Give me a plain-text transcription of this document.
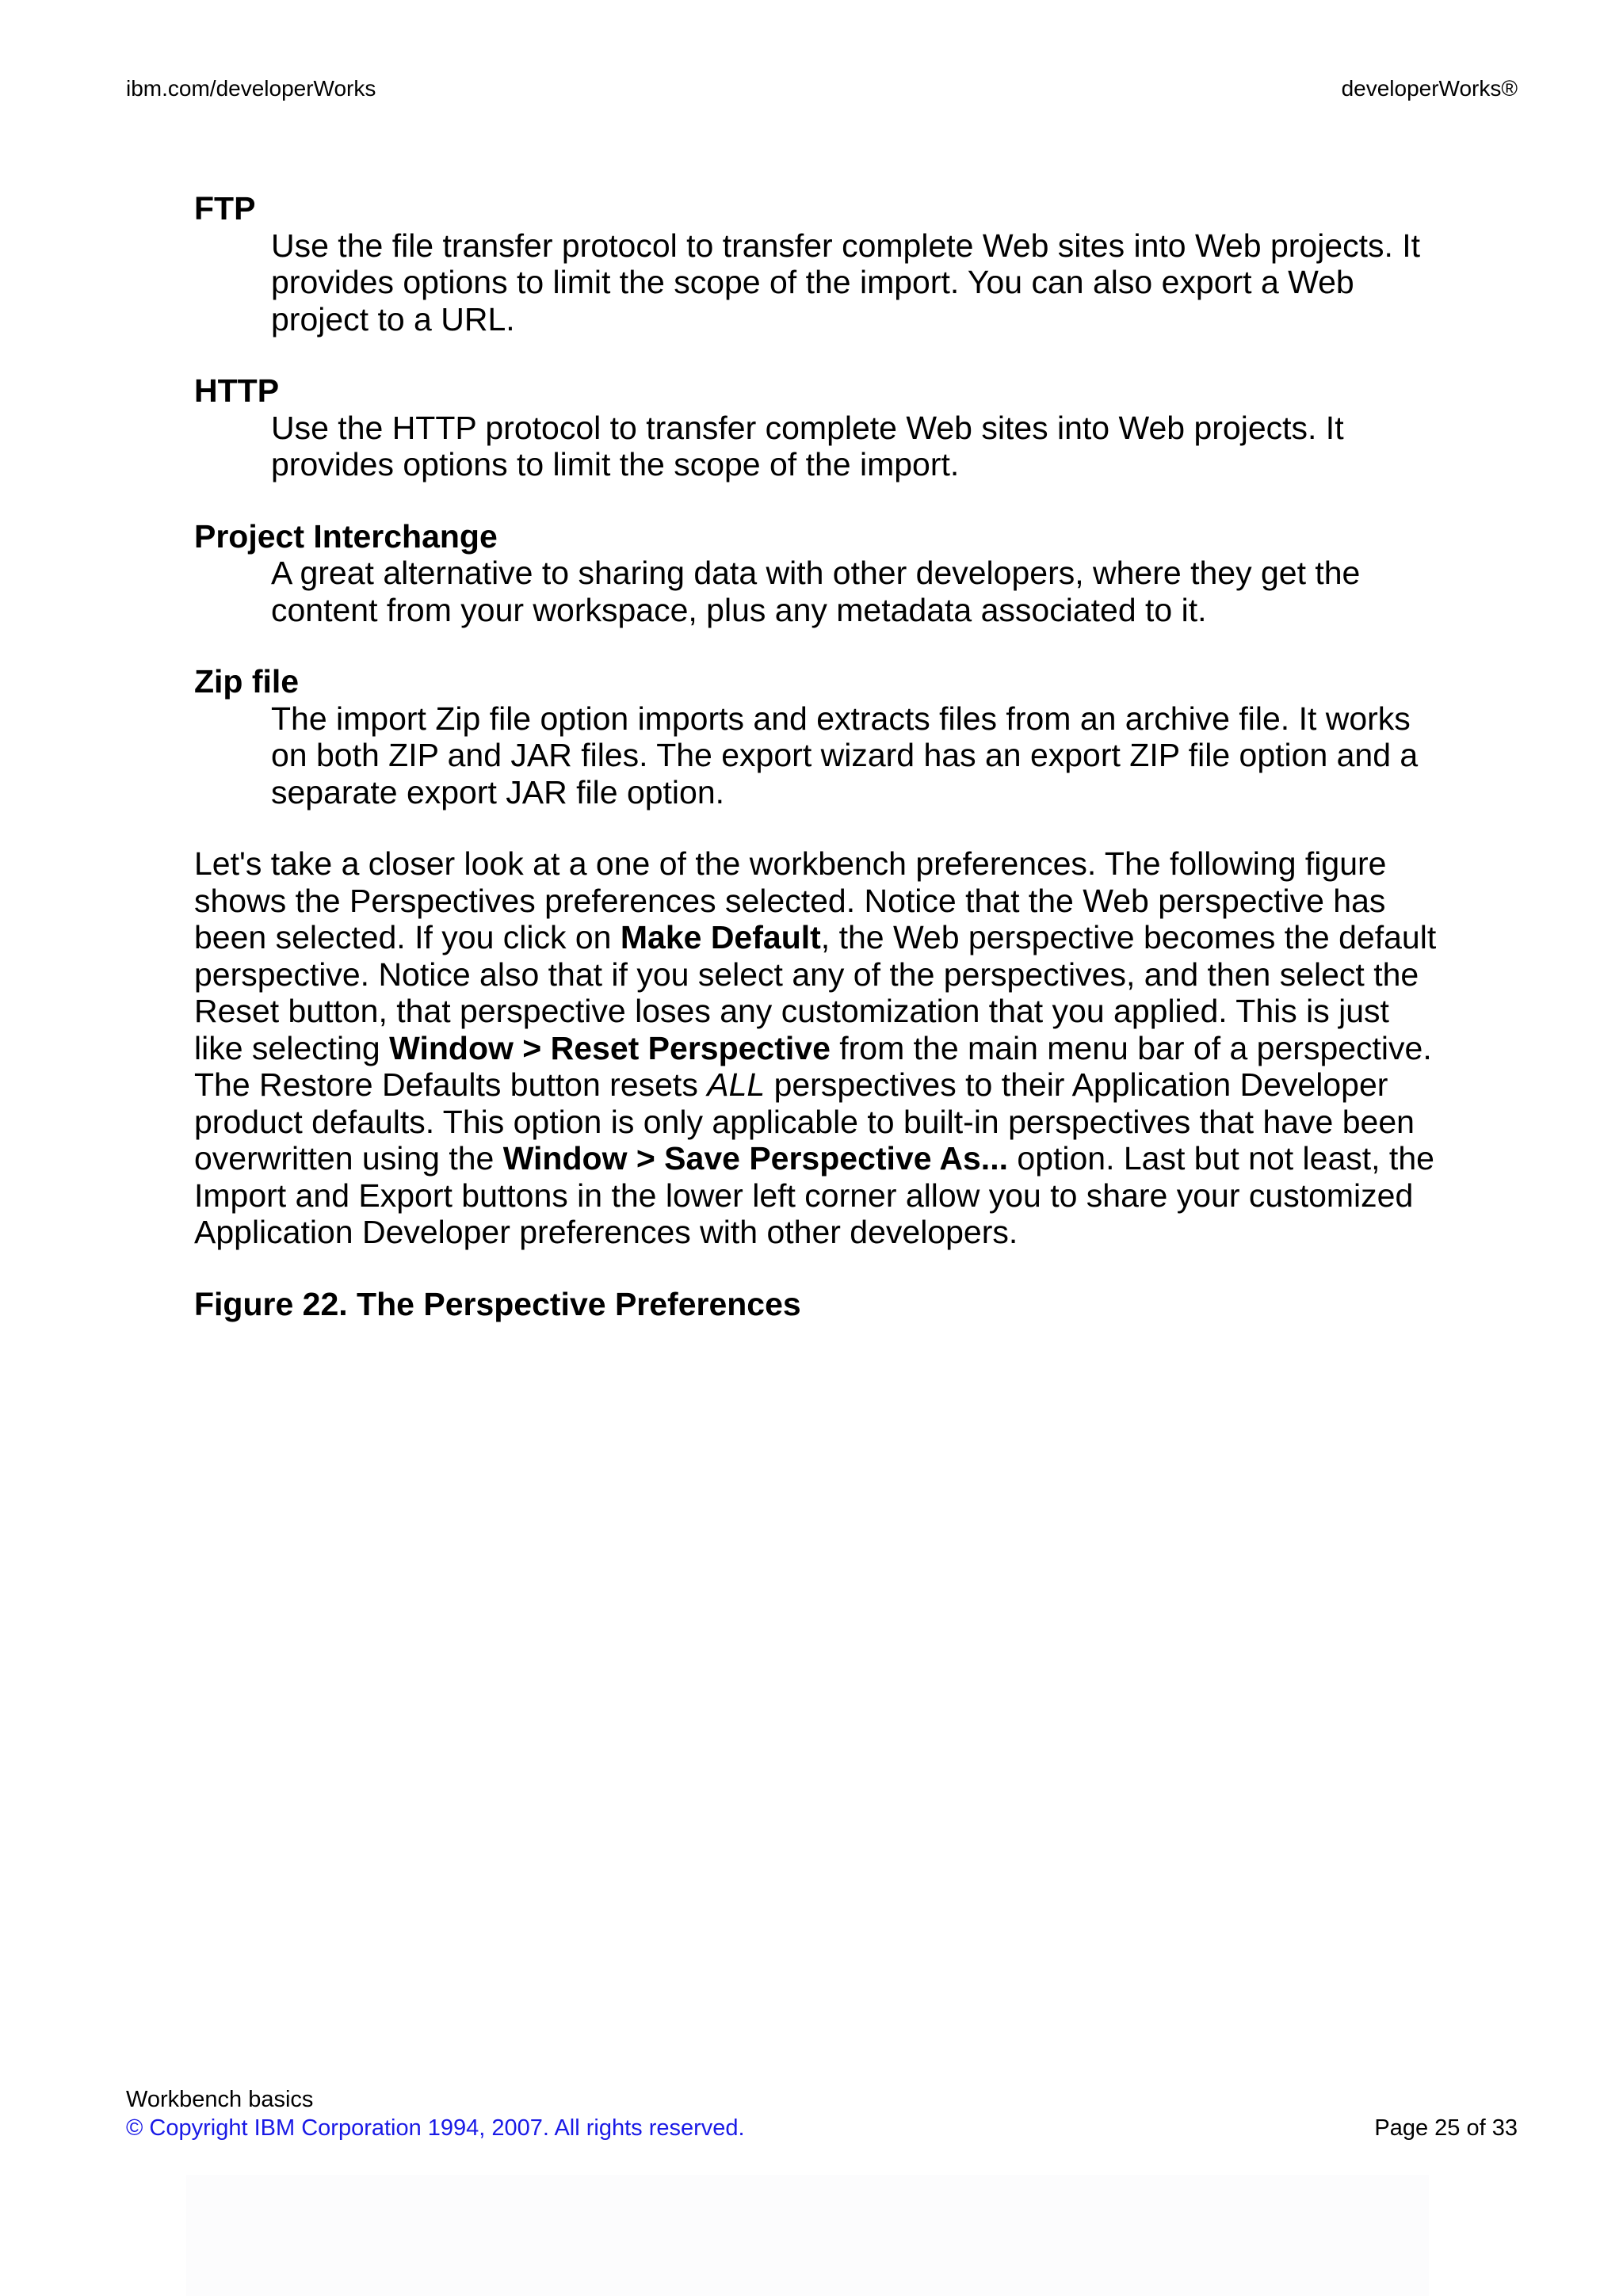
ibm.com/developerWorks	developerWorks®

FTP

Use the file transfer protocol to transfer complete Web sites into Web projects. It provides options to limit the scope of the import. You can also export a Web project to a URL.

HTTP

Use the HTTP protocol to transfer complete Web sites into Web projects. It provides options to limit the scope of the import.

Project Interchange

A great alternative to sharing data with other developers, where they get the content from your workspace, plus any metadata associated to it.

Zip file

The import Zip file option imports and extracts files from an archive file. It works on both ZIP and JAR files. The export wizard has an export ZIP file option and a separate export JAR file option.

Let's take a closer look at a one of the workbench preferences. The following figure shows the Perspectives preferences selected. Notice that the Web perspective has been selected. If you click on Make Default, the Web perspective becomes the default perspective. Notice also that if you select any of the perspectives, and then select the Reset button, that perspective loses any customization that you applied. This is just like selecting Window > Reset Perspective from the main menu bar of a perspective. The Restore Defaults button resets ALL perspectives to their Application Developer product defaults. This option is only applicable to built-in perspectives that have been overwritten using the Window > Save Perspective As... option. Last but not least, the Import and Export buttons in the lower left corner allow you to share your customized Application Developer preferences with other developers.

Figure 22. The Perspective Preferences

Workbench basics

© Copyright IBM Corporation 1994, 2007. All rights reserved.	Page 25 of 33
